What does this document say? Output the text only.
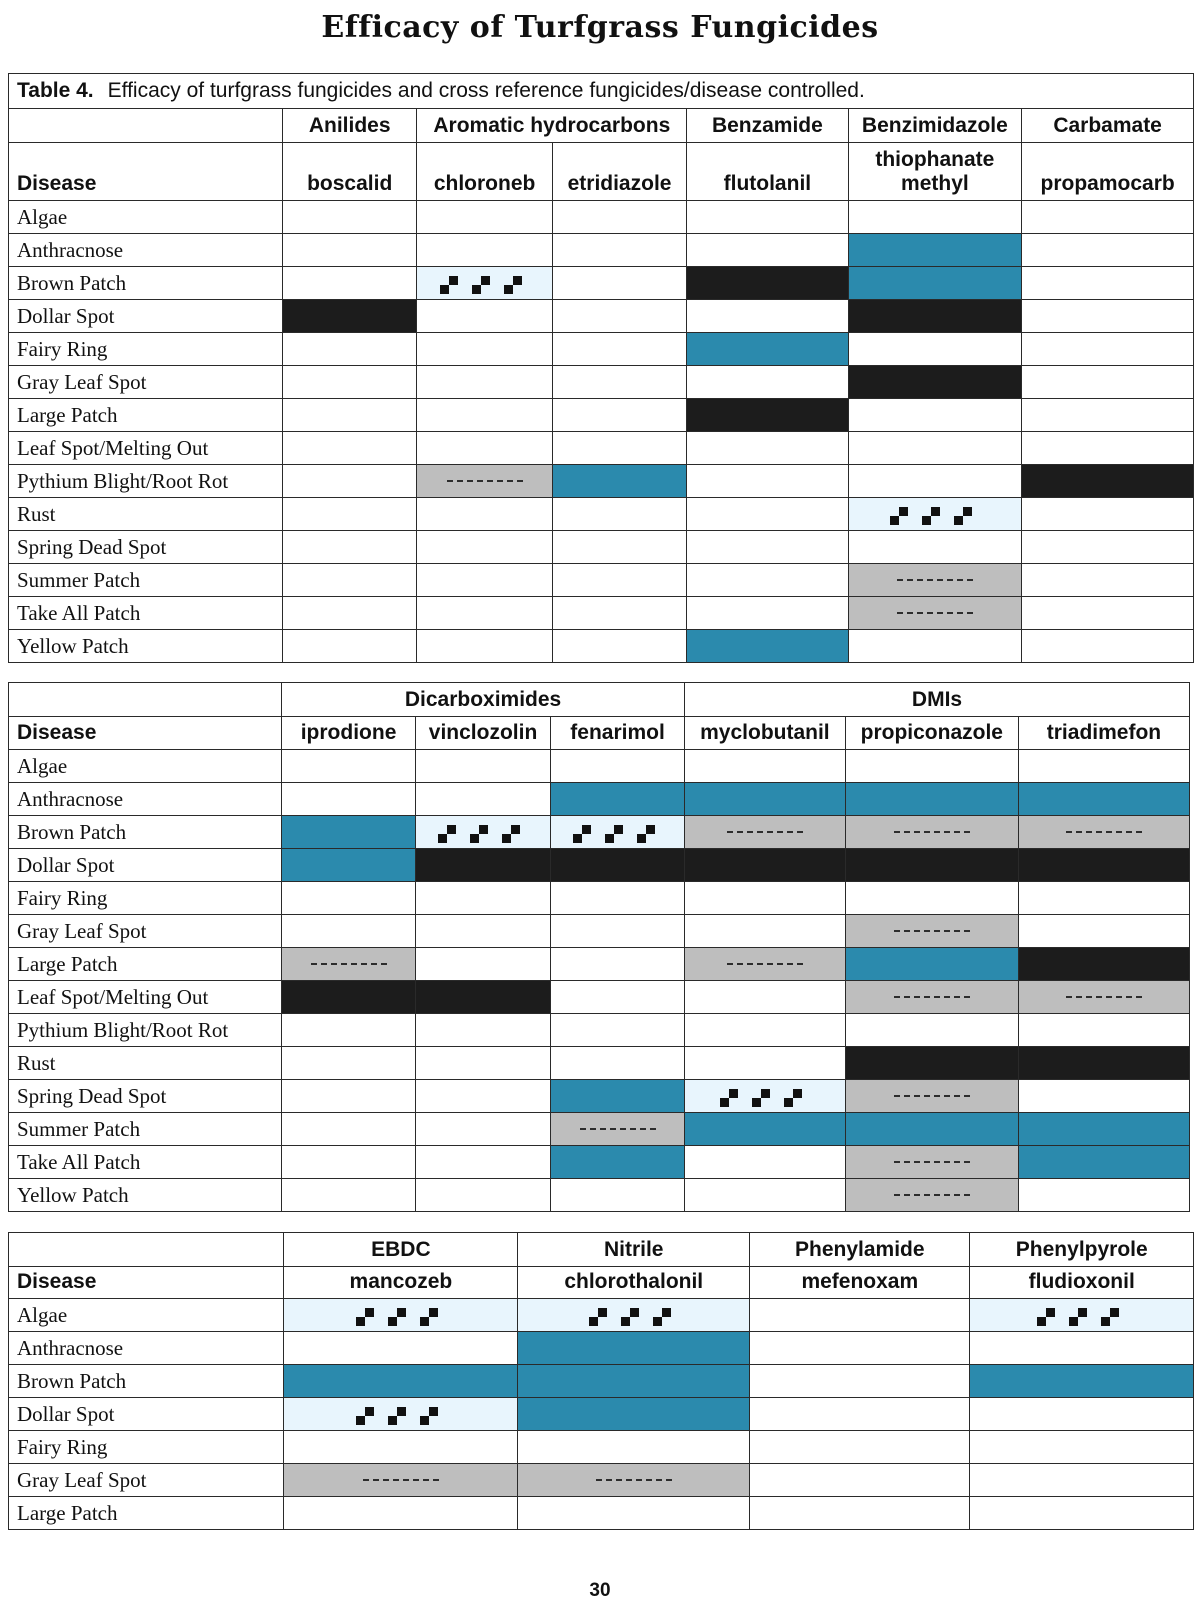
Efficacy of Turfgrass Fungicides
Table 4. Efficacy of turfgrass fungicides and cross reference fungicides/disease controlled.						
	Anilides	Aromatic hydrocarbons		Benzamide	Benzimidazole	Carbamate
Disease	boscalid	chloroneb	etridiazole	flutolanil	thiophanate methyl	propamocarb
Algae						
Anthracnose						
Brown Patch		

Dollar Spot						
Fairy Ring						
Gray Leaf Spot						
Large Patch						
Leaf Spot/Melting Out						
Pythium Blight/Root Rot						
Rust					

Spring Dead Spot						
Summer Patch						
Take All Patch						
Yellow Patch						
	Dicarboximides			DMIs		
Disease	iprodione	vinclozolin	fenarimol	myclobutanil	propiconazole	triadimefon
Algae						
Anthracnose						
Brown Patch		

Dollar Spot						
Fairy Ring						
Gray Leaf Spot						
Large Patch						
Leaf Spot/Melting Out						
Pythium Blight/Root Rot						
Rust						
Spring Dead Spot				

Summer Patch						
Take All Patch						
Yellow Patch						
	EBDC	Nitrile	Phenylamide	Phenylpyrole
Disease	mancozeb	chlorothalonil	mefenoxam	fludioxonil
Algae	

Anthracnose				
Brown Patch				
Dollar Spot	

Fairy Ring				
Gray Leaf Spot				
Large Patch				
30
